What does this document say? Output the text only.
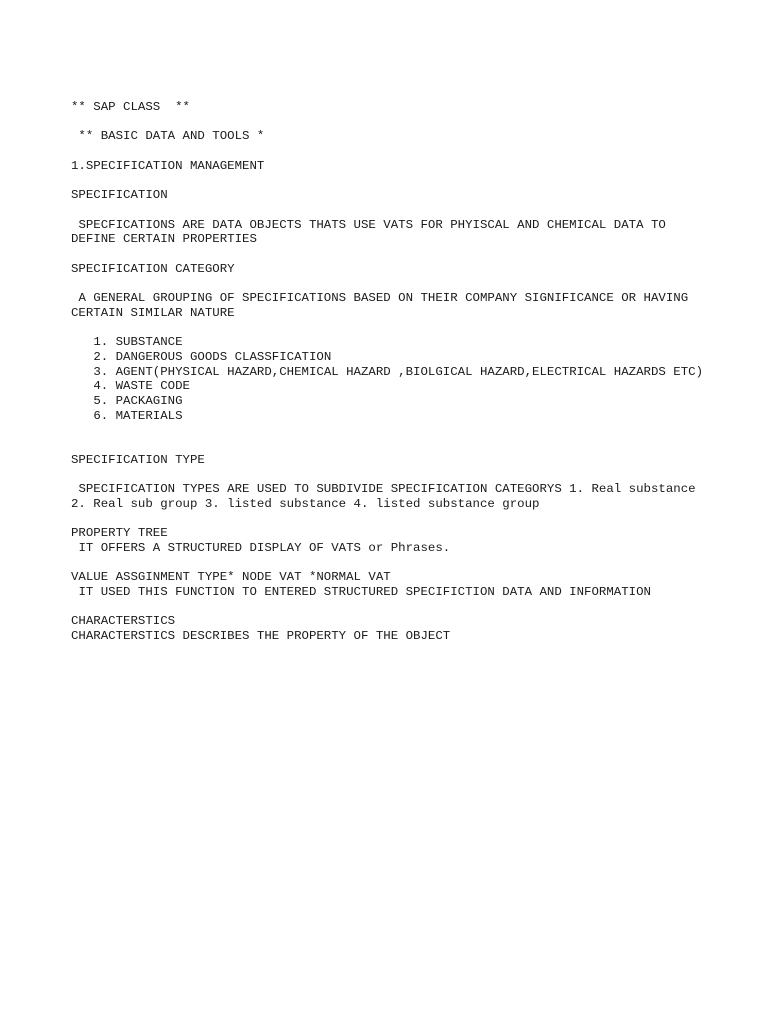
** SAP CLASS  **
** BASIC DATA AND TOOLS *
1.SPECIFICATION MANAGEMENT
SPECIFICATION
SPECFICATIONS ARE DATA OBJECTS THATS USE VATS FOR PHYISCAL AND CHEMICAL DATA TO DEFINE CERTAIN PROPERTIES
SPECIFICATION CATEGORY
A GENERAL GROUPING OF SPECIFICATIONS BASED ON THEIR COMPANY SIGNIFICANCE OR HAVING CERTAIN SIMILAR NATURE
1. SUBSTANCE
2. DANGEROUS GOODS CLASSFICATION
3. AGENT(PHYSICAL HAZARD,CHEMICAL HAZARD ,BIOLGICAL HAZARD,ELECTRICAL HAZARDS ETC)
4. WASTE CODE
5. PACKAGING
6. MATERIALS
SPECIFICATION TYPE
SPECIFICATION TYPES ARE USED TO SUBDIVIDE SPECIFICATION CATEGORYS 1. Real substance 2. Real sub group 3. listed substance 4. listed substance group
PROPERTY TREE
IT OFFERS A STRUCTURED DISPLAY OF VATS or Phrases.
VALUE ASSGINMENT TYPE* NODE VAT *NORMAL VAT
IT USED THIS FUNCTION TO ENTERED STRUCTURED SPECIFICTION DATA AND INFORMATION
CHARACTERSTICS
CHARACTERSTICS DESCRIBES THE PROPERTY OF THE OBJECT
